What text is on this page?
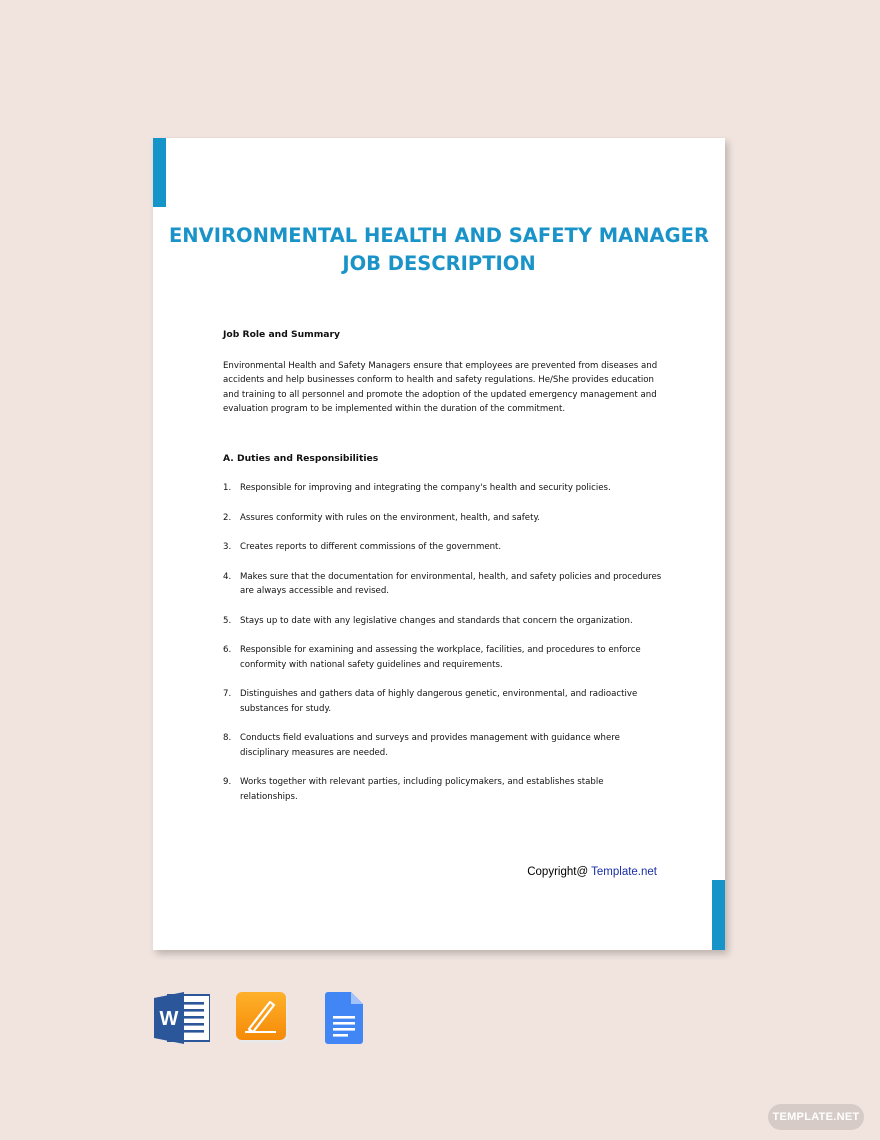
ENVIRONMENTAL HEALTH AND SAFETY MANAGER JOB DESCRIPTION

Job Role and Summary

Environmental Health and Safety Managers ensure that employees are prevented from diseases and accidents and help businesses conform to health and safety regulations. He/She provides education and training to all personnel and promote the adoption of the updated emergency management and evaluation program to be implemented within the duration of the commitment.

A. Duties and Responsibilities

1.	Responsible for improving and integrating the company's health and security policies.
2.	Assures conformity with rules on the environment, health, and safety.
3.	Creates reports to different commissions of the government.
4.	Makes sure that the documentation for environmental, health, and safety policies and procedures are always accessible and revised.
5.	Stays up to date with any legislative changes and standards that concern the organization.
6.	Responsible for examining and assessing the workplace, facilities, and procedures to enforce conformity with national safety guidelines and requirements.
7.	Distinguishes and gathers data of highly dangerous genetic, environmental, and radioactive substances for study.
8.	Conducts field evaluations and surveys and provides management with guidance where disciplinary measures are needed.
9.	Works together with relevant parties, including policymakers, and establishes stable relationships.
Copyright@ Template.net
W
TEMPLATE.NET
